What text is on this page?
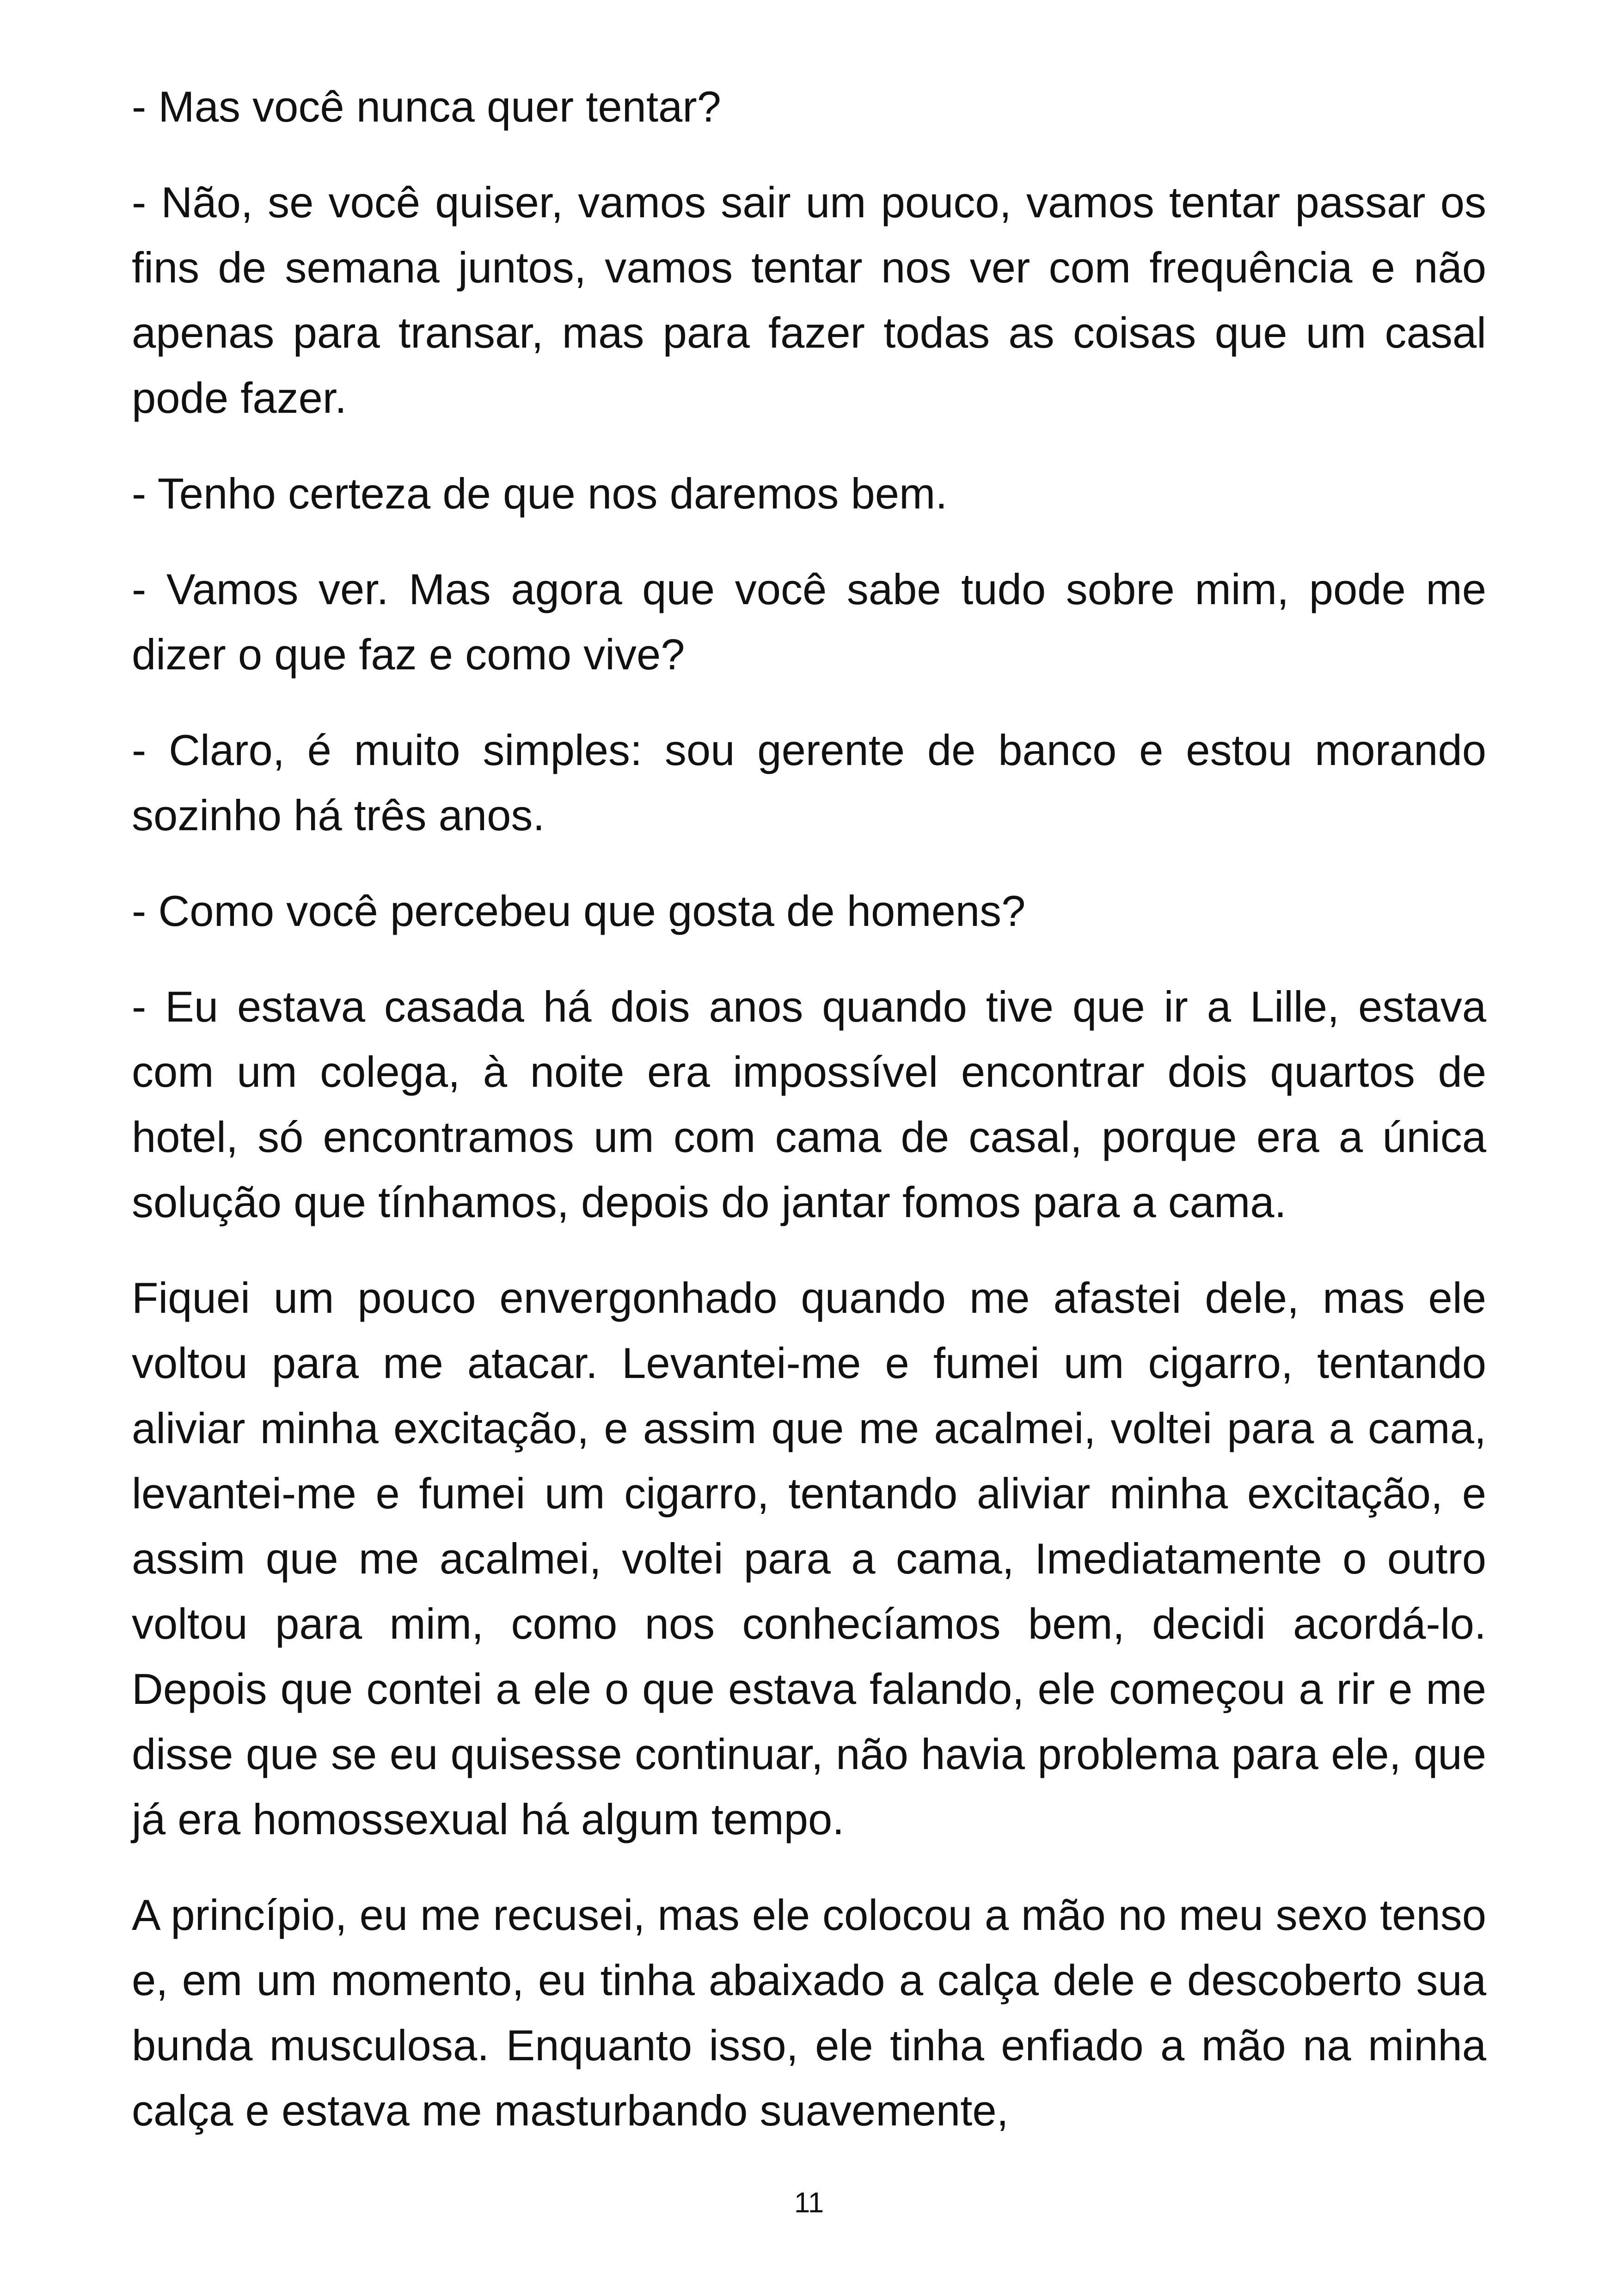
- Mas você nunca quer tentar?

- Não, se você quiser, vamos sair um pouco, vamos tentar passar os fins de semana juntos, vamos tentar nos ver com frequência e não apenas para transar, mas para fazer todas as coisas que um casal pode fazer.

- Tenho certeza de que nos daremos bem.

- Vamos ver. Mas agora que você sabe tudo sobre mim, pode me dizer o que faz e como vive?

- Claro, é muito simples: sou gerente de banco e estou morando sozinho há três anos.

- Como você percebeu que gosta de homens?

- Eu estava casada há dois anos quando tive que ir a Lille, estava com um colega, à noite era impossível encontrar dois quartos de hotel, só encontramos um com cama de casal, porque era a única solução que tínhamos, depois do jantar fomos para a cama.

Fiquei um pouco envergonhado quando me afastei dele, mas ele voltou para me atacar. Levantei-me e fumei um cigarro, tentando aliviar minha excitação, e assim que me acalmei, voltei para a cama, levantei-me e fumei um cigarro, tentando aliviar minha excitação, e assim que me acalmei, voltei para a cama, Imediatamente o outro voltou para mim, como nos conhecíamos bem, decidi acordá-lo. Depois que contei a ele o que estava falando, ele começou a rir e me disse que se eu quisesse continuar, não havia problema para ele, que já era homossexual há algum tempo.

A princípio, eu me recusei, mas ele colocou a mão no meu sexo tenso e, em um momento, eu tinha abaixado a calça dele e descoberto sua bunda musculosa. Enquanto isso, ele tinha enfiado a mão na minha calça e estava me masturbando suavemente,

11
